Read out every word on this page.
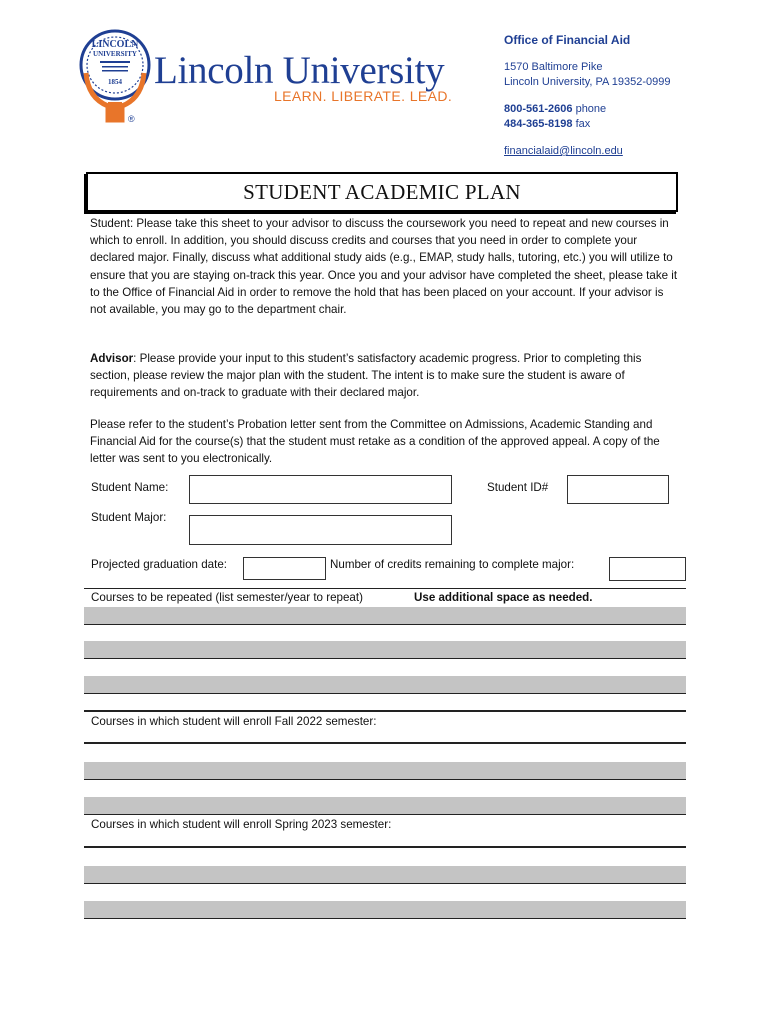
LINCOLN
UNIVERSITY
1854 Lincoln University
LEARN. LIBERATE. LEAD.
®
Office of Financial Aid
1570 Baltimore Pike
Lincoln University, PA 19352-0999
800-561-2606 phone
484-365-8198 fax
financialaid@lincoln.edu
STUDENT ACADEMIC PLAN
Student: Please take this sheet to your advisor to discuss the coursework you need to repeat and new courses in which to enroll. In addition, you should discuss credits and courses that you need in order to complete your declared major. Finally, discuss what additional study aids (e.g., EMAP, study halls, tutoring, etc.) you will utilize to ensure that you are staying on-track this year. Once you and your advisor have completed the sheet, please take it to the Office of Financial Aid in order to remove the hold that has been placed on your account. If your advisor is not available, you may go to the department chair.
Advisor: Please provide your input to this student’s satisfactory academic progress. Prior to completing this section, please review the major plan with the student. The intent is to make sure the student is aware of requirements and on-track to graduate with their declared major.
Please refer to the student’s Probation letter sent from the Committee on Admissions, Academic Standing and Financial Aid for the course(s) that the student must retake as a condition of the approved appeal. A copy of the letter was sent to you electronically.
Student Name:	Student ID#
Student Major:
Projected graduation date:	Number of credits remaining to complete major:
Courses to be repeated (list semester/year to repeat)	Use additional space as needed.
Courses in which student will enroll Fall 2022 semester:
Courses in which student will enroll Spring 2023 semester:
